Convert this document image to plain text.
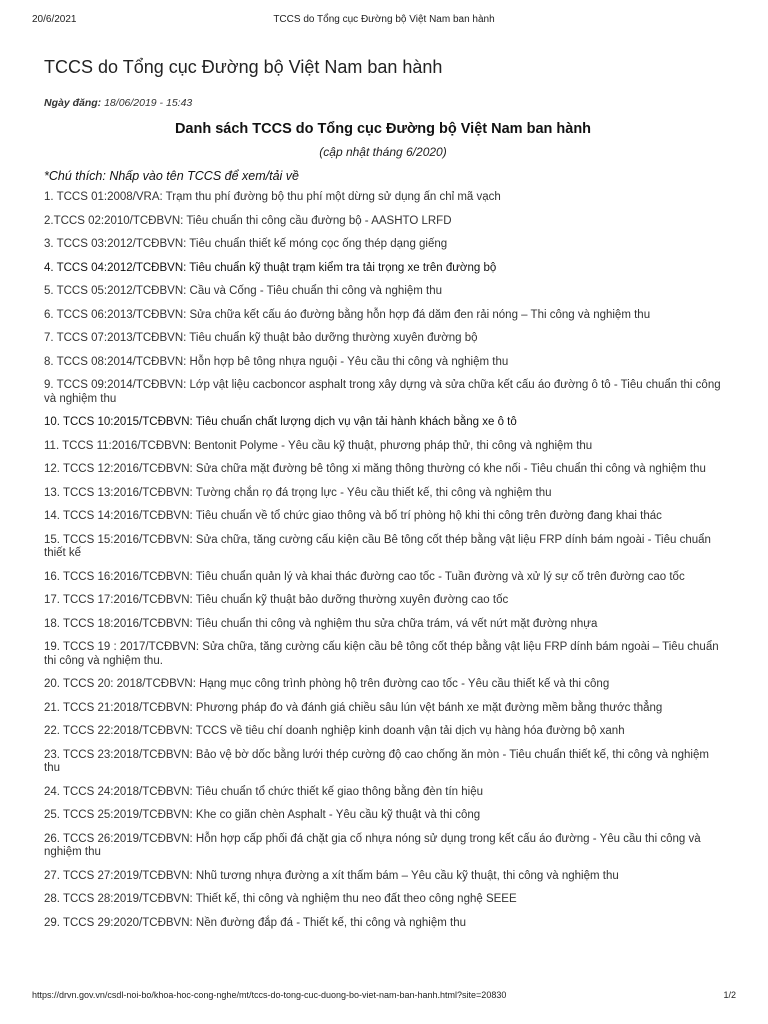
20/6/2021	TCCS do Tổng cục Đường bộ Việt Nam ban hành
TCCS do Tổng cục Đường bộ Việt Nam ban hành
Ngày đăng: 18/06/2019 - 15:43
Danh sách TCCS do Tổng cục Đường bộ Việt Nam ban hành
(cập nhật tháng 6/2020)
*Chú thích: Nhấp vào tên TCCS để xem/tải về
1. TCCS 01:2008/VRA: Trạm thu phí đường bộ thu phí một dừng sử dụng ấn chỉ mã vạch
2.TCCS 02:2010/TCĐBVN: Tiêu chuẩn thi công cầu đường bộ - AASHTO LRFD
3. TCCS 03:2012/TCĐBVN: Tiêu chuẩn thiết kế móng cọc ống thép dạng giếng
4. TCCS 04:2012/TCĐBVN: Tiêu chuẩn kỹ thuật trạm kiểm tra tải trọng xe trên đường bộ
5. TCCS 05:2012/TCĐBVN: Cầu và Cống - Tiêu chuẩn thi công và nghiệm thu
6. TCCS 06:2013/TCĐBVN: Sửa chữa kết cấu áo đường bằng hỗn hợp đá dăm đen rải nóng – Thi công và nghiệm thu
7. TCCS 07:2013/TCĐBVN: Tiêu chuẩn kỹ thuật bảo dưỡng thường xuyên đường bộ
8. TCCS 08:2014/TCĐBVN: Hỗn hợp bê tông nhựa nguội - Yêu cầu thi công và nghiệm thu
9. TCCS 09:2014/TCĐBVN: Lớp vật liệu cacboncor asphalt trong xây dựng và sửa chữa kết cấu áo đường ô tô - Tiêu chuẩn thi công và nghiệm thu
10. TCCS 10:2015/TCĐBVN: Tiêu chuẩn chất lượng dịch vụ vận tải hành khách bằng xe ô tô
11. TCCS 11:2016/TCĐBVN: Bentonit Polyme - Yêu cầu kỹ thuật, phương pháp thử, thi công và nghiệm thu
12. TCCS 12:2016/TCĐBVN: Sửa chữa mặt đường bê tông xi măng thông thường có khe nối - Tiêu chuẩn thi công và nghiệm thu
13. TCCS 13:2016/TCĐBVN: Tường chắn rọ đá trọng lực - Yêu cầu thiết kế, thi công và nghiệm thu
14. TCCS 14:2016/TCĐBVN: Tiêu chuẩn về tổ chức giao thông và bố trí phòng hộ khi thi công trên đường đang khai thác
15. TCCS 15:2016/TCĐBVN: Sửa chữa, tăng cường cấu kiện cầu Bê tông cốt thép bằng vật liệu FRP dính bám ngoài - Tiêu chuẩn thiết kế
16. TCCS 16:2016/TCĐBVN: Tiêu chuẩn quản lý và khai thác đường cao tốc - Tuần đường và xử lý sự cố trên đường cao tốc
17. TCCS 17:2016/TCĐBVN: Tiêu chuẩn kỹ thuật bảo dưỡng thường xuyên đường cao tốc
18. TCCS 18:2016/TCĐBVN: Tiêu chuẩn thi công và nghiệm thu sửa chữa trám, vá vết nứt mặt đường nhựa
19. TCCS 19 : 2017/TCĐBVN: Sửa chữa, tăng cường cấu kiện cầu bê tông cốt thép bằng vật liệu FRP dính bám ngoài – Tiêu chuẩn thi công và nghiệm thu.
20. TCCS 20: 2018/TCĐBVN: Hạng mục công trình phòng hộ trên đường cao tốc - Yêu cầu thiết kế và thi công
21. TCCS 21:2018/TCĐBVN: Phương pháp đo và đánh giá chiều sâu lún vệt bánh xe mặt đường mềm bằng thước thẳng
22. TCCS 22:2018/TCĐBVN: TCCS về tiêu chí doanh nghiệp kinh doanh vận tải dịch vụ hàng hóa đường bộ xanh
23. TCCS 23:2018/TCĐBVN: Bảo vệ bờ dốc bằng lưới thép cường độ cao chống ăn mòn - Tiêu chuẩn thiết kế, thi công và nghiệm thu
24. TCCS 24:2018/TCĐBVN: Tiêu chuẩn tổ chức thiết kế giao thông bằng đèn tín hiệu
25. TCCS 25:2019/TCĐBVN: Khe co giãn chèn Asphalt - Yêu cầu kỹ thuật và thi công
26. TCCS 26:2019/TCĐBVN: Hỗn hợp cấp phối đá chặt gia cố nhựa nóng sử dụng trong kết cấu áo đường - Yêu cầu thi công và nghiệm thu
27. TCCS 27:2019/TCĐBVN: Nhũ tương nhựa đường a xít thấm bám – Yêu cầu kỹ thuật, thi công và nghiệm thu
28. TCCS 28:2019/TCĐBVN: Thiết kế, thi công và nghiệm thu neo đất theo công nghệ SEEE
29. TCCS 29:2020/TCĐBVN: Nền đường đắp đá - Thiết kế, thi công và nghiệm thu
https://drvn.gov.vn/csdl-noi-bo/khoa-hoc-cong-nghe/mt/tccs-do-tong-cuc-duong-bo-viet-nam-ban-hanh.html?site=20830	1/2
